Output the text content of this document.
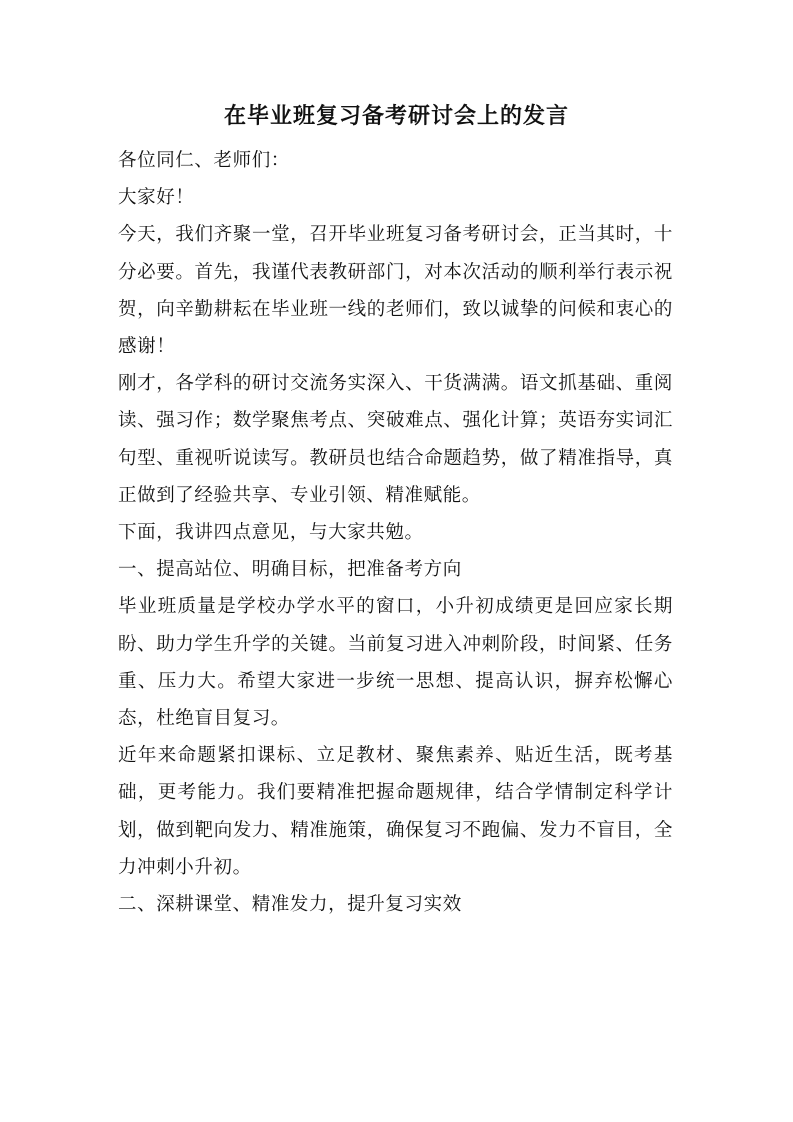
在毕业班复习备考研讨会上的发言

各位同仁、老师们：

大家好！

今天，我们齐聚一堂，召开毕业班复习备考研讨会，正当其时，十分必要。首先，我谨代表教研部门，对本次活动的顺利举行表示祝贺，向辛勤耕耘在毕业班一线的老师们，致以诚挚的问候和衷心的感谢！

刚才，各学科的研讨交流务实深入、干货满满。语文抓基础、重阅读、强习作；数学聚焦考点、突破难点、强化计算；英语夯实词汇句型、重视听说读写。教研员也结合命题趋势，做了精准指导，真正做到了经验共享、专业引领、精准赋能。

下面，我讲四点意见，与大家共勉。

一、提高站位、明确目标，把准备考方向

毕业班质量是学校办学水平的窗口，小升初成绩更是回应家长期盼、助力学生升学的关键。当前复习进入冲刺阶段，时间紧、任务重、压力大。希望大家进一步统一思想、提高认识，摒弃松懈心态，杜绝盲目复习。

近年来命题紧扣课标、立足教材、聚焦素养、贴近生活，既考基础，更考能力。我们要精准把握命题规律，结合学情制定科学计划，做到靶向发力、精准施策，确保复习不跑偏、发力不盲目，全力冲刺小升初。

二、深耕课堂、精准发力，提升复习实效
